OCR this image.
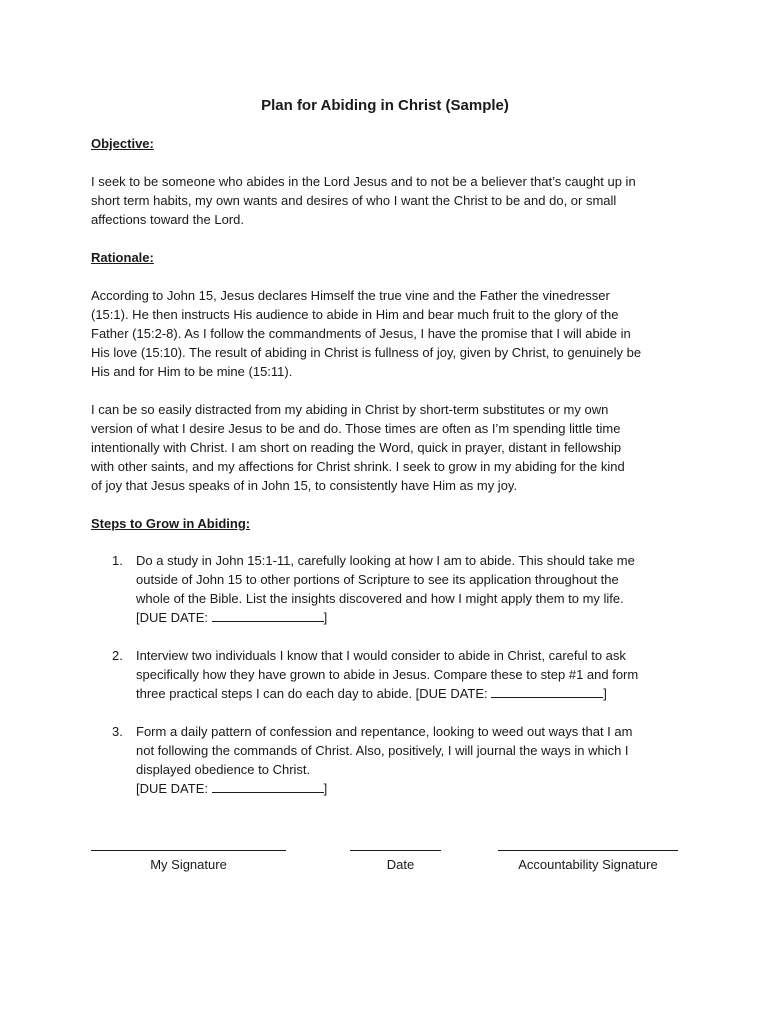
Plan for Abiding in Christ (Sample)
Objective:
I seek to be someone who abides in the Lord Jesus and to not be a believer that’s caught up in
short term habits, my own wants and desires of who I want the Christ to be and do, or small
affections toward the Lord.
Rationale:
According to John 15, Jesus declares Himself the true vine and the Father the vinedresser
(15:1). He then instructs His audience to abide in Him and bear much fruit to the glory of the
Father (15:2-8). As I follow the commandments of Jesus, I have the promise that I will abide in
His love (15:10). The result of abiding in Christ is fullness of joy, given by Christ, to genuinely be
His and for Him to be mine (15:11).
I can be so easily distracted from my abiding in Christ by short-term substitutes or my own
version of what I desire Jesus to be and do. Those times are often as I’m spending little time
intentionally with Christ. I am short on reading the Word, quick in prayer, distant in fellowship
with other saints, and my affections for Christ shrink. I seek to grow in my abiding for the kind
of joy that Jesus speaks of in John 15, to consistently have Him as my joy.
Steps to Grow in Abiding:
1. Do a study in John 15:1-11, carefully looking at how I am to abide. This should take me
outside of John 15 to other portions of Scripture to see its application throughout the
whole of the Bible. List the insights discovered and how I might apply them to my life.
[DUE DATE:	]
2. Interview two individuals I know that I would consider to abide in Christ, careful to ask
specifically how they have grown to abide in Jesus. Compare these to step #1 and form
three practical steps I can do each day to abide. [DUE DATE:	]
3. Form a daily pattern of confession and repentance, looking to weed out ways that I am
not following the commands of Christ. Also, positively, I will journal the ways in which I
displayed obedience to Christ.
[DUE DATE:	]
My Signature	Date	Accountability Signature
